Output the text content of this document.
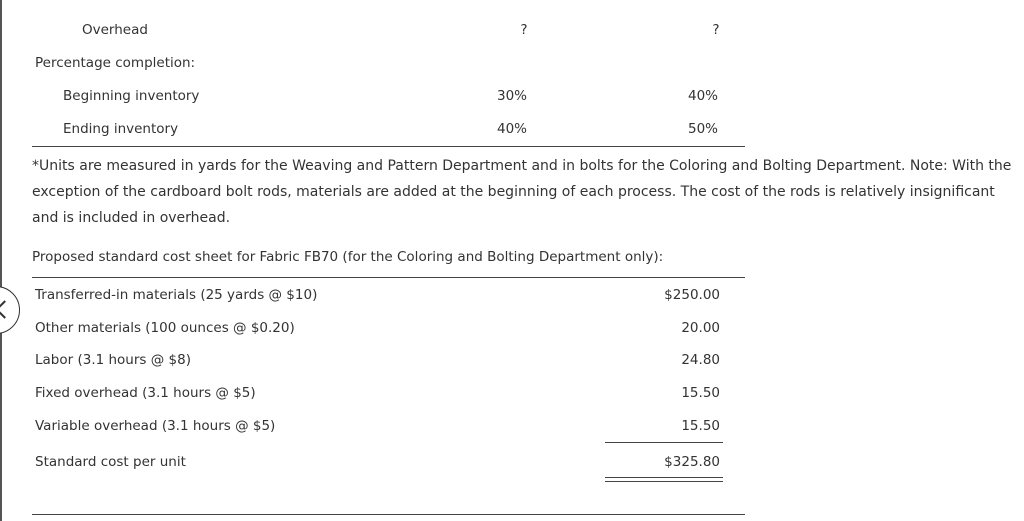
Overhead	?	?
Percentage completion:
Beginning inventory	30%	40%
Ending inventory	40%	50%
*Units are measured in yards for the Weaving and Pattern Department and in bolts for the Coloring and Bolting Department. Note: With the exception of the cardboard bolt rods, materials are added at the beginning of each process. The cost of the rods is relatively insignificant and is included in overhead.
Proposed standard cost sheet for Fabric FB70 (for the Coloring and Bolting Department only):
Transferred-in materials (25 yards @ $10)	$250.00
Other materials (100 ounces @ $0.20)	20.00
Labor (3.1 hours @ $8)	24.80
Fixed overhead (3.1 hours @ $5)	15.50
Variable overhead (3.1 hours @ $5)	15.50
Standard cost per unit	$325.80
